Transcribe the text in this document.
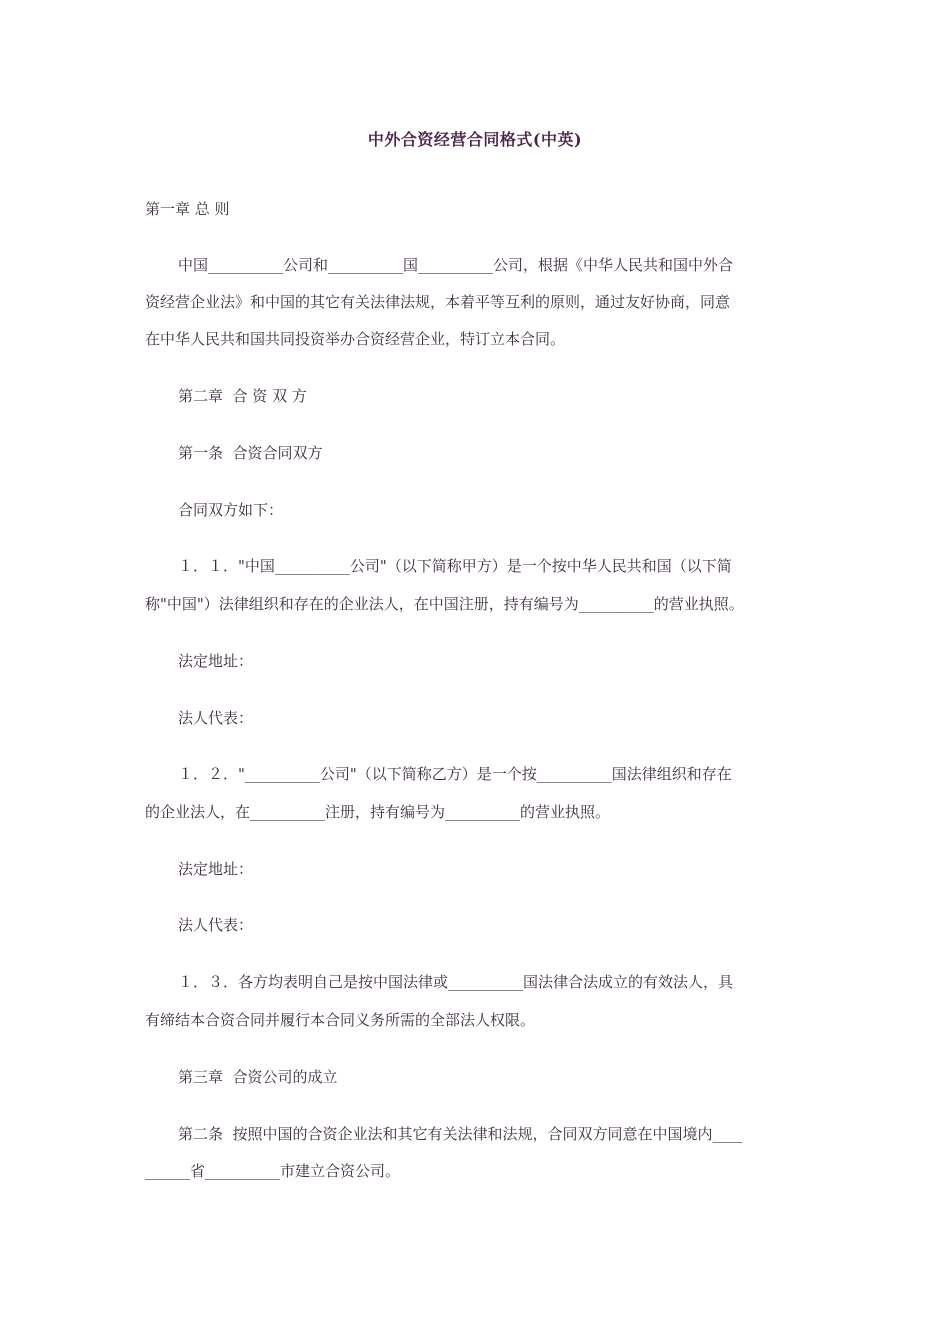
中外合资经营合同格式(中英)
第一章 总 则
中国__________公司和__________国__________公司，根据《中华人民共和国中外合
资经营企业法》和中国的其它有关法律法规，本着平等互利的原则，通过友好协商，同意
在中华人民共和国共同投资举办合资经营企业，特订立本合同。
第二章  合 资 双 方
第一条  合资合同双方
合同双方如下：
１．１．"中国__________公司"（以下简称甲方）是一个按中华人民共和国（以下简
称"中国"）法律组织和存在的企业法人，在中国注册，持有编号为__________的营业执照。
法定地址：
法人代表：
１．２．"__________公司"（以下简称乙方）是一个按__________国法律组织和存在
的企业法人，在__________注册，持有编号为__________的营业执照。
法定地址：
法人代表：
１．３．各方均表明自己是按中国法律或__________国法律合法成立的有效法人，具
有缔结本合资合同并履行本合同义务所需的全部法人权限。
第三章  合资公司的成立
第二条  按照中国的合资企业法和其它有关法律和法规，合同双方同意在中国境内____
______省__________市建立合资公司。
